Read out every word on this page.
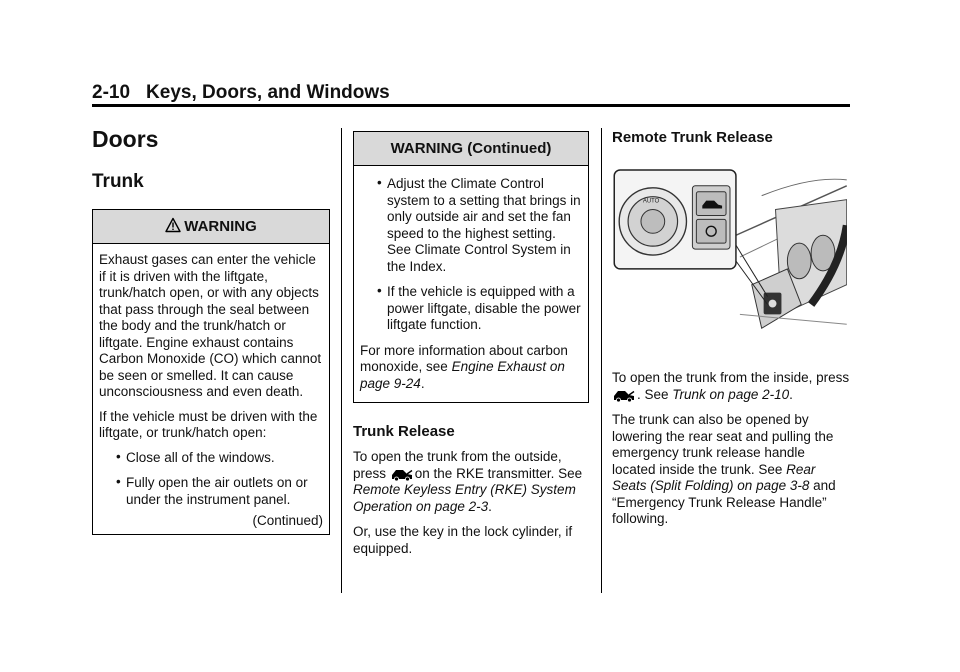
2-10 Keys, Doors, and Windows
Doors
Trunk
WARNING

Exhaust gases can enter the vehicle if it is driven with the liftgate, trunk/hatch open, or with any objects that pass through the seal between the body and the trunk/hatch or liftgate. Engine exhaust contains Carbon Monoxide (CO) which cannot be seen or smelled. It can cause unconsciousness and even death.

If the vehicle must be driven with the liftgate, or trunk/hatch open:

• Close all of the windows.
• Fully open the air outlets on or under the instrument panel.
(Continued)
WARNING (Continued)
• Adjust the Climate Control system to a setting that brings in only outside air and set the fan speed to the highest setting. See Climate Control System in the Index.
• If the vehicle is equipped with a power liftgate, disable the power liftgate function.

For more information about carbon monoxide, see Engine Exhaust on page 9-24.

Trunk Release

To open the trunk from the outside, press on the RKE transmitter. See Remote Keyless Entry (RKE) System Operation on page 2-3.

Or, use the key in the lock cylinder, if equipped.

Remote Trunk Release
AUTO

To open the trunk from the inside, press . See Trunk on page 2-10.

The trunk can also be opened by lowering the rear seat and pulling the emergency trunk release handle located inside the trunk. See Rear Seats (Split Folding) on page 3-8 and “Emergency Trunk Release Handle” following.
